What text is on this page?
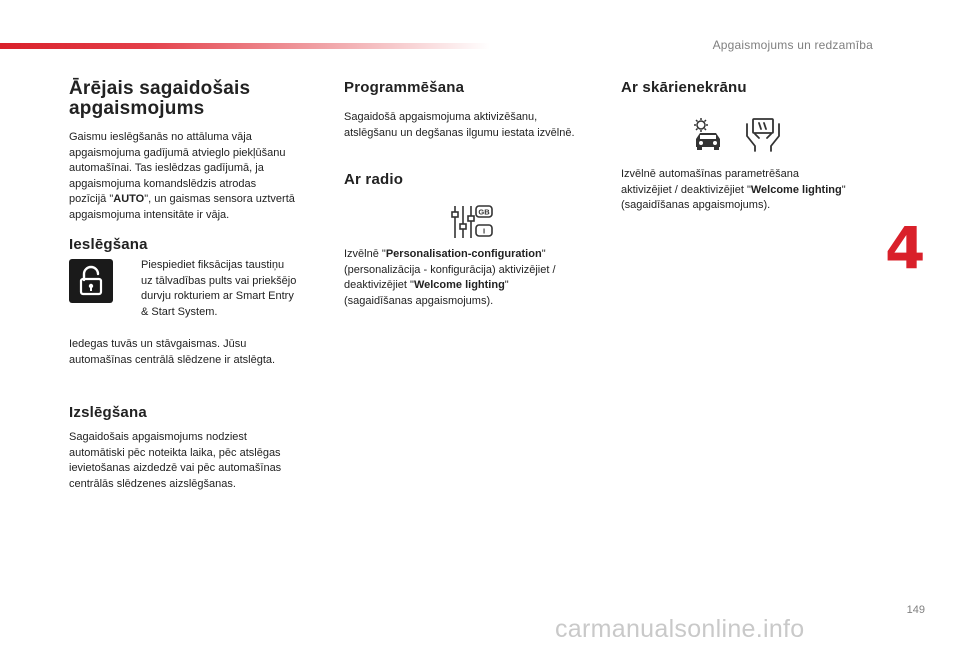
Apgaismojums un redzamība
4

Ārējais sagaidošais

apgaismojums

Gaismu ieslēgšanās no attāluma vāja

apgaismojuma gadījumā atvieglo piekļūšanu

automašīnai. Tas ieslēdzas gadījumā, ja

apgaismojuma komandslēdzis atrodas

pozīcijā "AUTO", un gaismas sensora uztvertā

apgaismojuma intensitāte ir vāja.

Ieslēgšana

Piespiediet fiksācijas taustiņu

uz tālvadības pults vai priekšējo

durvju rokturiem ar Smart Entry

& Start System.

Iedegas tuvās un stāvgaismas. Jūsu

automašīnas centrālā slēdzene ir atslēgta.

Izslēgšana

Sagaidošais apgaismojums nodziest

automātiski pēc noteikta laika, pēc atslēgas

ievietošanas aizdedzē vai pēc automašīnas

centrālās slēdzenes aizslēgšanas.

Programmēšana

Sagaidošā apgaismojuma aktivizēšanu,

atslēgšanu un degšanas ilgumu iestata izvēlnē.

Ar radio

GB
I

Izvēlnē "Personalisation-configuration"

(personalizācija - konfigurācija) aktivizējiet /

deaktivizējiet "Welcome lighting"

(sagaidīšanas apgaismojums).

Ar skārienekrānu

Izvēlnē automašīnas parametrēšana

aktivizējiet / deaktivizējiet "Welcome lighting"

(sagaidīšanas apgaismojums).

149
carmanualsonline.info
